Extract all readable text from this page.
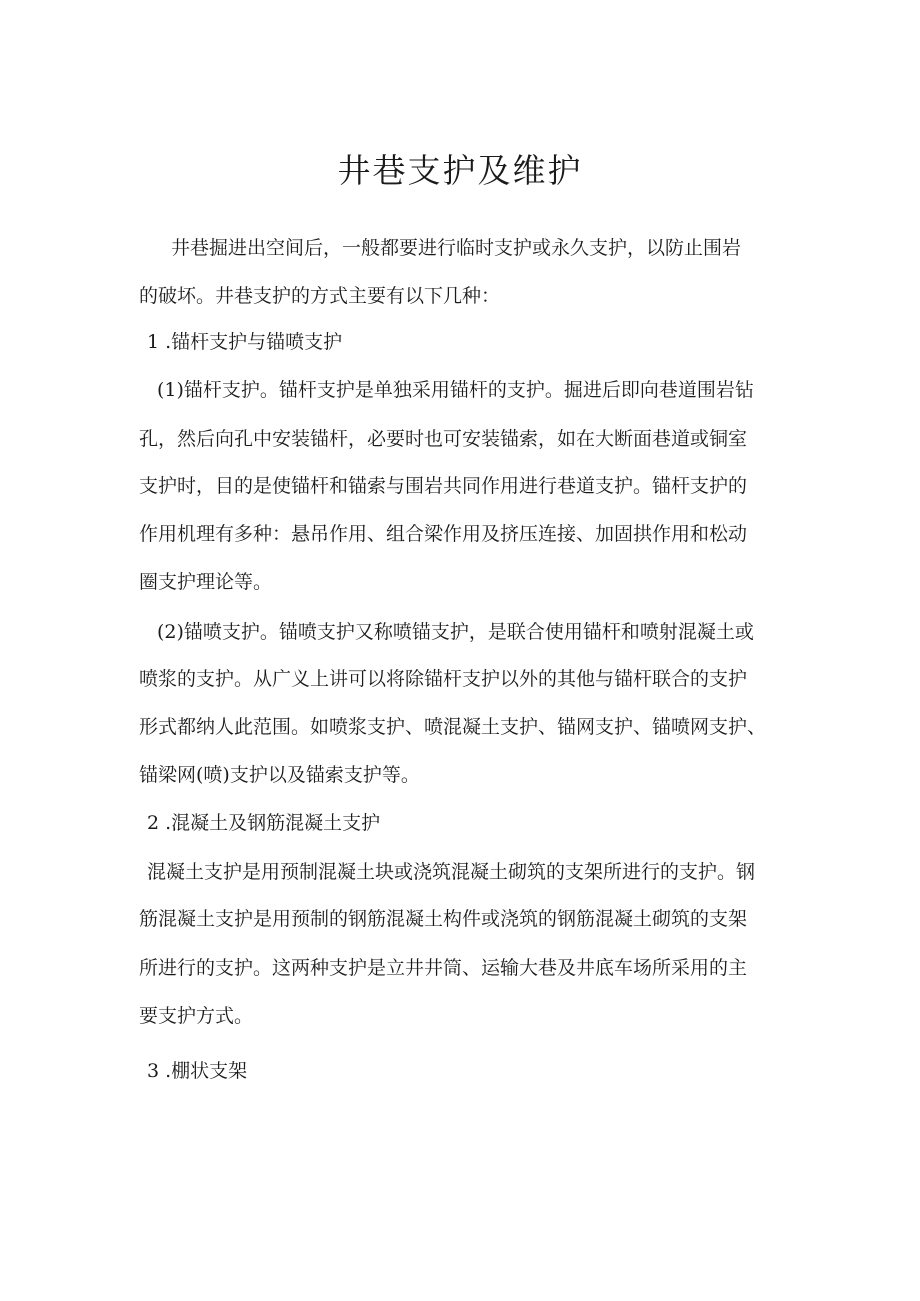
井巷支护及维护

井巷掘进出空间后，一般都要进行临时支护或永久支护，以防止围岩

的破坏。井巷支护的方式主要有以下几种：

1 .锚杆支护与锚喷支护

(1)锚杆支护。锚杆支护是单独采用锚杆的支护。掘进后即向巷道围岩钻

孔，然后向孔中安装锚杆，必要时也可安装锚索，如在大断面巷道或铜室

支护时，目的是使锚杆和锚索与围岩共同作用进行巷道支护。锚杆支护的

作用机理有多种：悬吊作用、组合梁作用及挤压连接、加固拱作用和松动

圈支护理论等。

(2)锚喷支护。锚喷支护又称喷锚支护，是联合使用锚杆和喷射混凝土或

喷浆的支护。从广义上讲可以将除锚杆支护以外的其他与锚杆联合的支护

形式都纳人此范围。如喷浆支护、喷混凝土支护、锚网支护、锚喷网支护、

锚梁网(喷)支护以及锚索支护等。

2 .混凝土及钢筋混凝土支护

混凝土支护是用预制混凝土块或浇筑混凝土砌筑的支架所进行的支护。钢

筋混凝土支护是用预制的钢筋混凝土构件或浇筑的钢筋混凝土砌筑的支架

所进行的支护。这两种支护是立井井筒、运输大巷及井底车场所采用的主

要支护方式。

3 .棚状支架
